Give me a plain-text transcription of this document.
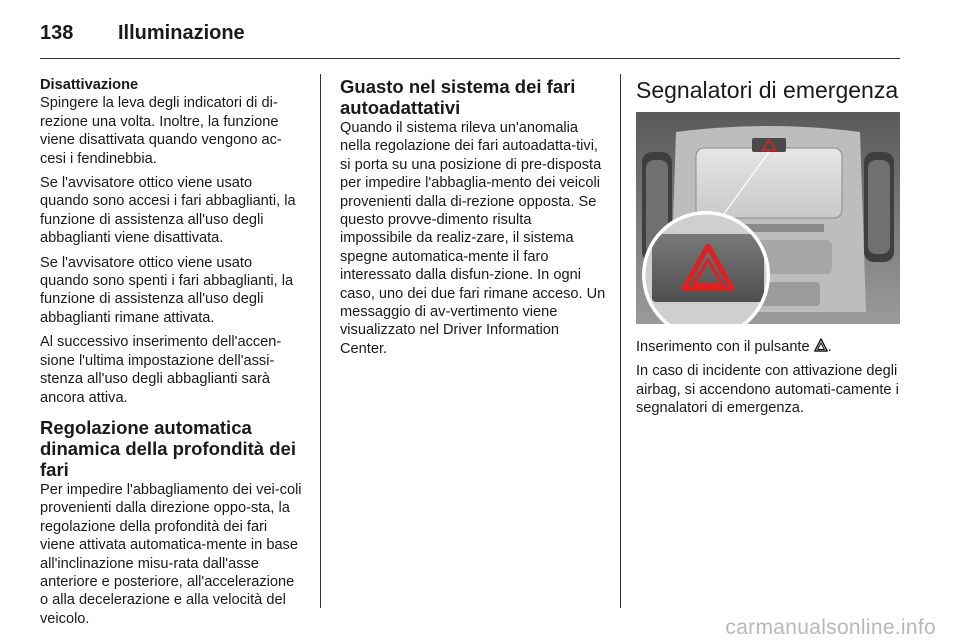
138 Illuminazione
Disattivazione

Spingere la leva degli indicatori di di-rezione una volta. Inoltre, la funzione viene disattivata quando vengono ac-cesi i fendinebbia.

Se l'avvisatore ottico viene usato quando sono accesi i fari abbaglianti, la funzione di assistenza all'uso degli abbaglianti viene disattivata.

Se l'avvisatore ottico viene usato quando sono spenti i fari abbaglianti, la funzione di assistenza all'uso degli abbaglianti rimane attivata.

Al successivo inserimento dell'accen-sione l'ultima impostazione dell'assi-stenza all'uso degli abbaglianti sarà ancora attiva.

Regolazione automatica dinamica della profondità dei fari

Per impedire l'abbagliamento dei vei-coli provenienti dalla direzione oppo-sta, la regolazione della profondità dei fari viene attivata automatica-mente in base all'inclinazione misu-rata dall'asse anteriore e posteriore, all'accelerazione o alla decelerazione e alla velocità del veicolo.

Guasto nel sistema dei fari autoadattativi

Quando il sistema rileva un'anomalia nella regolazione dei fari autoadatta-tivi, si porta su una posizione di pre-disposta per impedire l'abbaglia-mento dei veicoli provenienti dalla di-rezione opposta. Se questo provve-dimento risulta impossibile da realiz-zare, il sistema spegne automatica-mente il faro interessato dalla disfun-zione. In ogni caso, uno dei due fari rimane acceso. Un messaggio di av-vertimento viene visualizzato nel Driver Information Center.

Segnalatori di emergenza

Inserimento con il pulsante .

In caso di incidente con attivazione degli airbag, si accendono automati-camente i segnalatori di emergenza.

carmanualsonline.info
